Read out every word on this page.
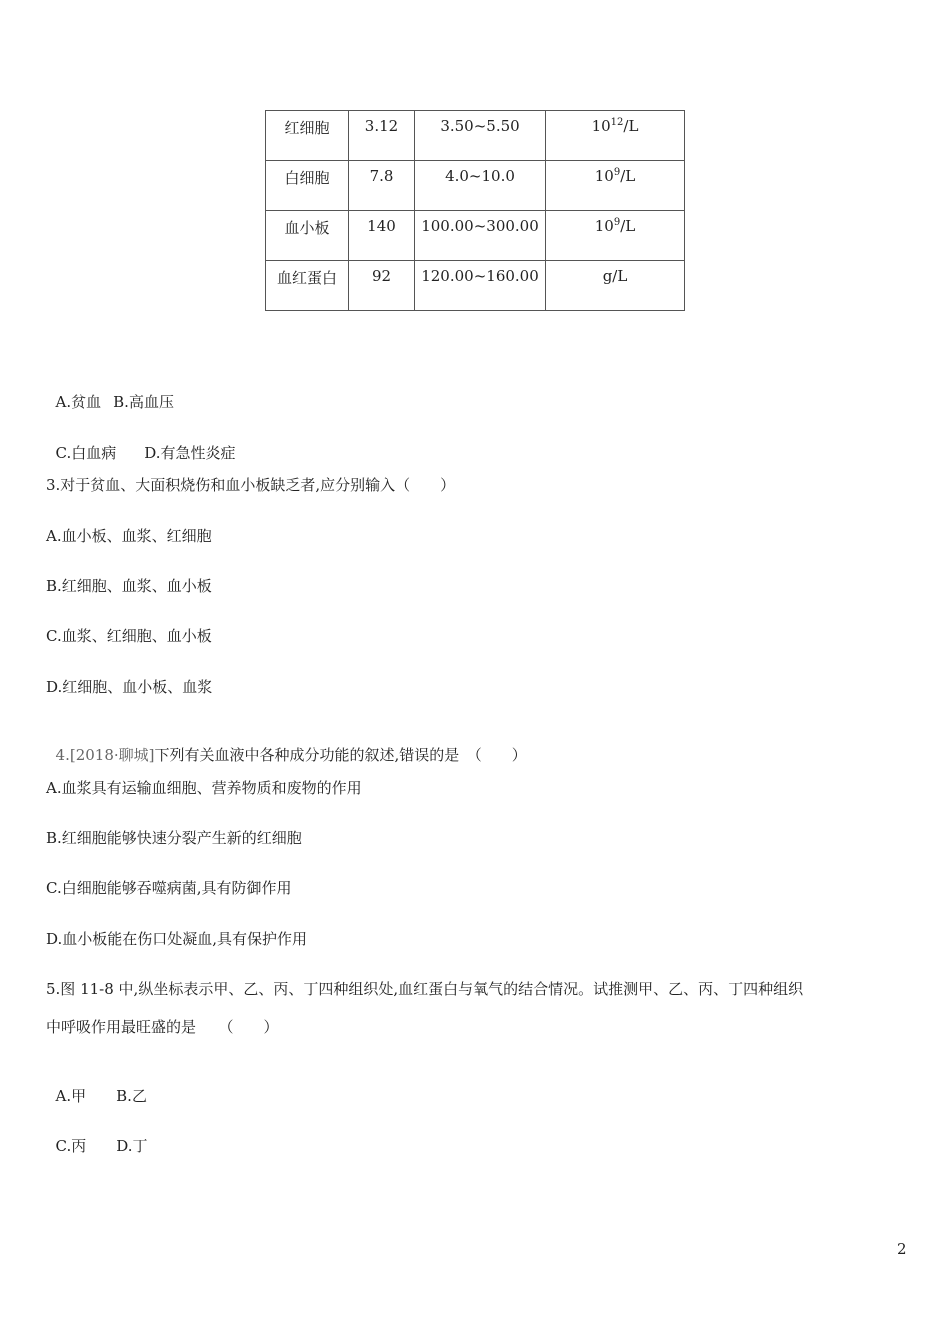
红细胞	3.12	3.50~5.50	$10^{12}/L$
白细胞	7.8	4.0~10.0	$10^9/L$
血小板	140	100.00~300.00	$10^9/L$
血红蛋白	92	120.00~160.00	g/L

A.贫血 B.高血压

C.白血病 D.有急性炎症

3.对于贫血、大面积烧伤和血小板缺乏者,应分别输入（　　）
A.血小板、血浆、红细胞
B.红细胞、血浆、血小板
C.血浆、红细胞、血小板
D.红细胞、血小板、血浆

4.[2018·聊城]下列有关血液中各种成分功能的叙述,错误的是　（　　）

A.血浆具有运输血细胞、营养物质和废物的作用
B.红细胞能够快速分裂产生新的红细胞
C.白细胞能够吞噬病菌,具有防御作用
D.血小板能在伤口处凝血,具有保护作用
5.图 11-8 中,纵坐标表示甲、乙、丙、丁四种组织处,血红蛋白与氧气的结合情况。试推测甲、乙、丙、丁四种组织
中呼吸作用最旺盛的是　　（　　）

A.甲 B.乙

C.丙 D.丁

2
